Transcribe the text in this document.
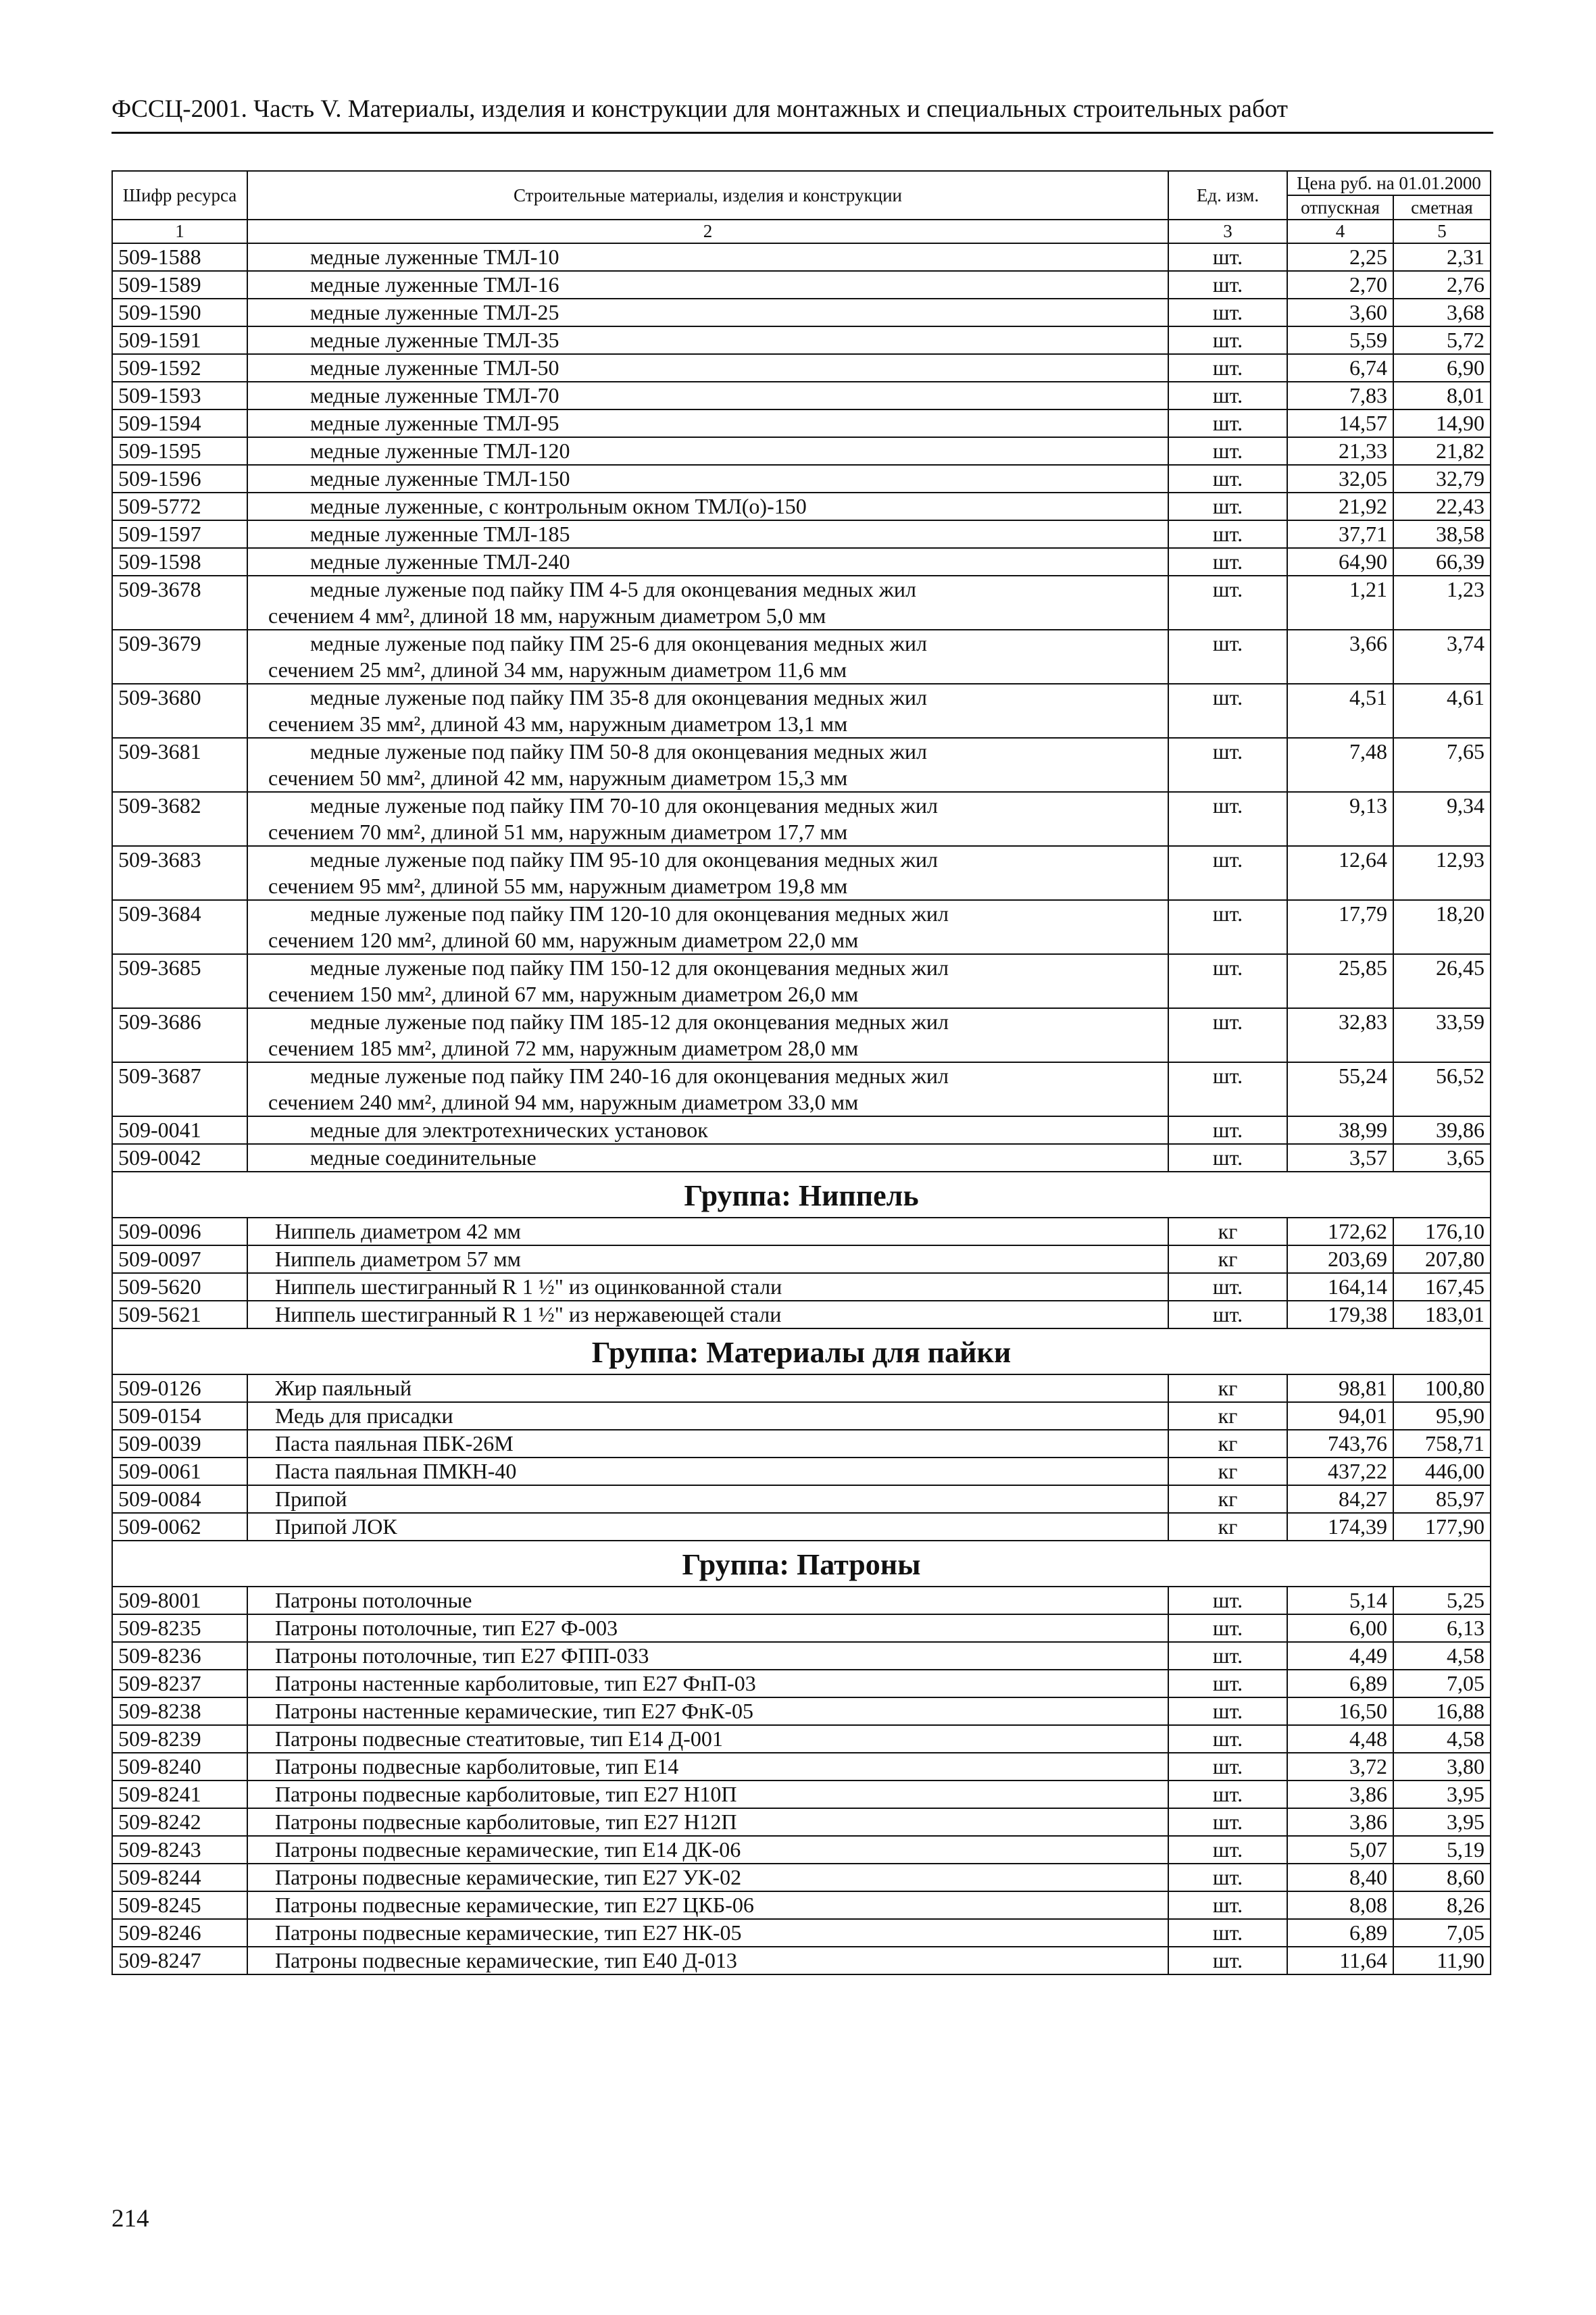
ФССЦ-2001. Часть V. Материалы, изделия и конструкции для монтажных и специальных строительных работ
Шифр ресурса	Строительные материалы, изделия и конструкции	Ед. изм.	Цена руб. на 01.01.2000	
			отпускная	сметная
1	2	3	4	5
509-1588	медные луженные ТМЛ-10	шт.	2,25	2,31
509-1589	медные луженные ТМЛ-16	шт.	2,70	2,76
509-1590	медные луженные ТМЛ-25	шт.	3,60	3,68
509-1591	медные луженные ТМЛ-35	шт.	5,59	5,72
509-1592	медные луженные ТМЛ-50	шт.	6,74	6,90
509-1593	медные луженные ТМЛ-70	шт.	7,83	8,01
509-1594	медные луженные ТМЛ-95	шт.	14,57	14,90
509-1595	медные луженные ТМЛ-120	шт.	21,33	21,82
509-1596	медные луженные ТМЛ-150	шт.	32,05	32,79
509-5772	медные луженные, с контрольным окном ТМЛ(о)-150	шт.	21,92	22,43
509-1597	медные луженные ТМЛ-185	шт.	37,71	38,58
509-1598	медные луженные ТМЛ-240	шт.	64,90	66,39
509-3678	медные луженые под пайку ПМ 4-5 для оконцевания медных жил
сечением 4 мм², длиной 18 мм, наружным диаметром 5,0 мм	шт.	1,21	1,23
509-3679	медные луженые под пайку ПМ 25-6 для оконцевания медных жил
сечением 25 мм², длиной 34 мм, наружным диаметром 11,6 мм	шт.	3,66	3,74
509-3680	медные луженые под пайку ПМ 35-8 для оконцевания медных жил
сечением 35 мм², длиной 43 мм, наружным диаметром 13,1 мм	шт.	4,51	4,61
509-3681	медные луженые под пайку ПМ 50-8 для оконцевания медных жил
сечением 50 мм², длиной 42 мм, наружным диаметром 15,3 мм	шт.	7,48	7,65
509-3682	медные луженые под пайку ПМ 70-10 для оконцевания медных жил
сечением 70 мм², длиной 51 мм, наружным диаметром 17,7 мм	шт.	9,13	9,34
509-3683	медные луженые под пайку ПМ 95-10 для оконцевания медных жил
сечением 95 мм², длиной 55 мм, наружным диаметром 19,8 мм	шт.	12,64	12,93
509-3684	медные луженые под пайку ПМ 120-10 для оконцевания медных жил
сечением 120 мм², длиной 60 мм, наружным диаметром 22,0 мм	шт.	17,79	18,20
509-3685	медные луженые под пайку ПМ 150-12 для оконцевания медных жил
сечением 150 мм², длиной 67 мм, наружным диаметром 26,0 мм	шт.	25,85	26,45
509-3686	медные луженые под пайку ПМ 185-12 для оконцевания медных жил
сечением 185 мм², длиной 72 мм, наружным диаметром 28,0 мм	шт.	32,83	33,59
509-3687	медные луженые под пайку ПМ 240-16 для оконцевания медных жил
сечением 240 мм², длиной 94 мм, наружным диаметром 33,0 мм	шт.	55,24	56,52
509-0041	медные для электротехнических установок	шт.	38,99	39,86
509-0042	медные соединительные	шт.	3,57	3,65
Группа: Ниппель				
509-0096	Ниппель диаметром 42 мм	кг	172,62	176,10
509-0097	Ниппель диаметром 57 мм	кг	203,69	207,80
509-5620	Ниппель шестигранный R 1 ½" из оцинкованной стали	шт.	164,14	167,45
509-5621	Ниппель шестигранный R 1 ½" из нержавеющей стали	шт.	179,38	183,01
Группа: Материалы для пайки				
509-0126	Жир паяльный	кг	98,81	100,80
509-0154	Медь для присадки	кг	94,01	95,90
509-0039	Паста паяльная ПБК-26М	кг	743,76	758,71
509-0061	Паста паяльная ПМКН-40	кг	437,22	446,00
509-0084	Припой	кг	84,27	85,97
509-0062	Припой ЛОК	кг	174,39	177,90
Группа: Патроны				
509-8001	Патроны потолочные	шт.	5,14	5,25
509-8235	Патроны потолочные, тип Е27 Ф-003	шт.	6,00	6,13
509-8236	Патроны потолочные, тип Е27 ФПП-033	шт.	4,49	4,58
509-8237	Патроны настенные карболитовые, тип Е27 ФнП-03	шт.	6,89	7,05
509-8238	Патроны настенные керамические, тип Е27 ФнК-05	шт.	16,50	16,88
509-8239	Патроны подвесные стеатитовые, тип Е14 Д-001	шт.	4,48	4,58
509-8240	Патроны подвесные карболитовые, тип Е14	шт.	3,72	3,80
509-8241	Патроны подвесные карболитовые, тип Е27 Н10П	шт.	3,86	3,95
509-8242	Патроны подвесные карболитовые, тип Е27 Н12П	шт.	3,86	3,95
509-8243	Патроны подвесные керамические, тип Е14 ДК-06	шт.	5,07	5,19
509-8244	Патроны подвесные керамические, тип Е27 УК-02	шт.	8,40	8,60
509-8245	Патроны подвесные керамические, тип Е27 ЦКБ-06	шт.	8,08	8,26
509-8246	Патроны подвесные керамические, тип Е27 НК-05	шт.	6,89	7,05
509-8247	Патроны подвесные керамические, тип Е40 Д-013	шт.	11,64	11,90
214
